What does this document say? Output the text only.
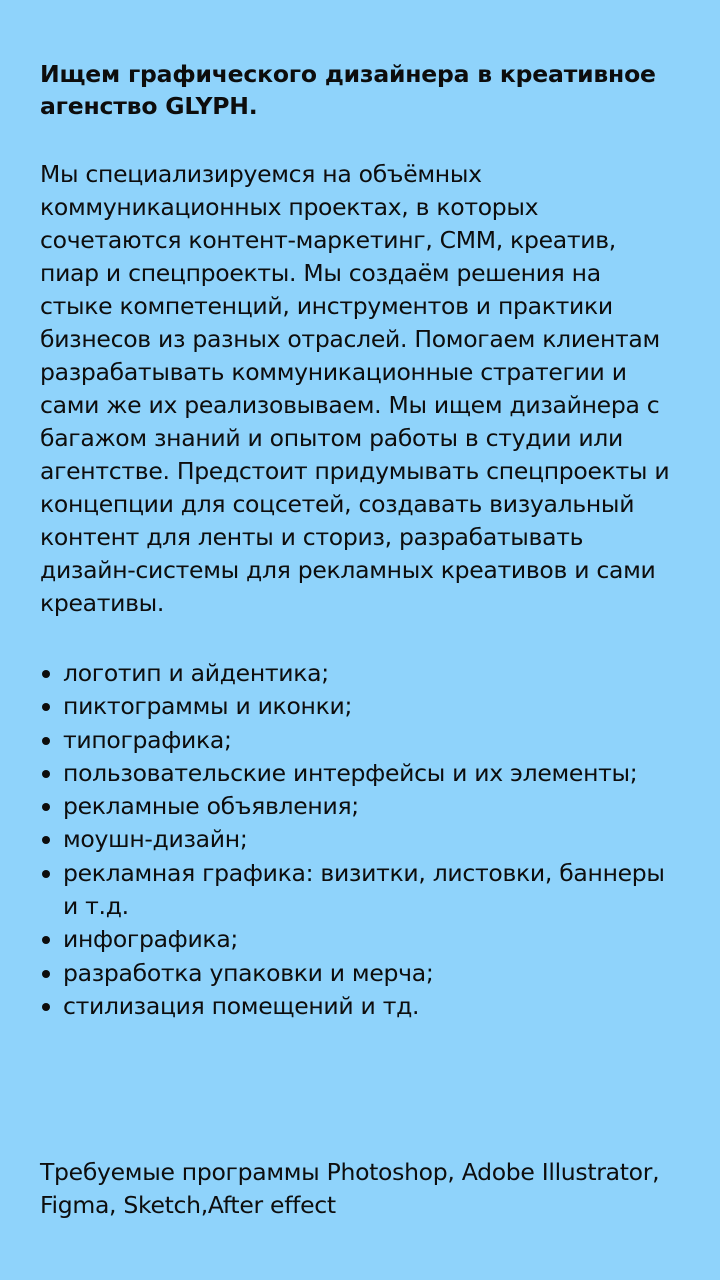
Ищем графического дизайнера в креативное агенство GLYPH.

Мы специализируемся на объёмных коммуникационных проектах, в которых сочетаются контент-маркетинг, СММ, креатив, пиар и спецпроекты. Мы создаём решения на стыке компетенций, инструментов и практики бизнесов из разных отраслей. Помогаем клиентам разрабатывать коммуникационные стратегии и сами же их реализовываем. Мы ищем дизайнера с багажом знаний и опытом работы в студии или агентстве. Предстоит придумывать спецпроекты и концепции для соцсетей, создавать визуальный контент для ленты и сториз, разрабатывать дизайн-системы для рекламных креативов и сами креативы.

логотип и айдентика;
пиктограммы и иконки;
типографика;
пользовательские интерфейсы и их элементы;
рекламные объявления;
моушн-дизайн;
рекламная графика: визитки, листовки, баннеры и т.д.
инфографика;
разработка упаковки и мерча;
стилизация помещений и тд.

Требуемые программы Photoshop, Adobe Illustrator, Figma, Sketch,After effect
